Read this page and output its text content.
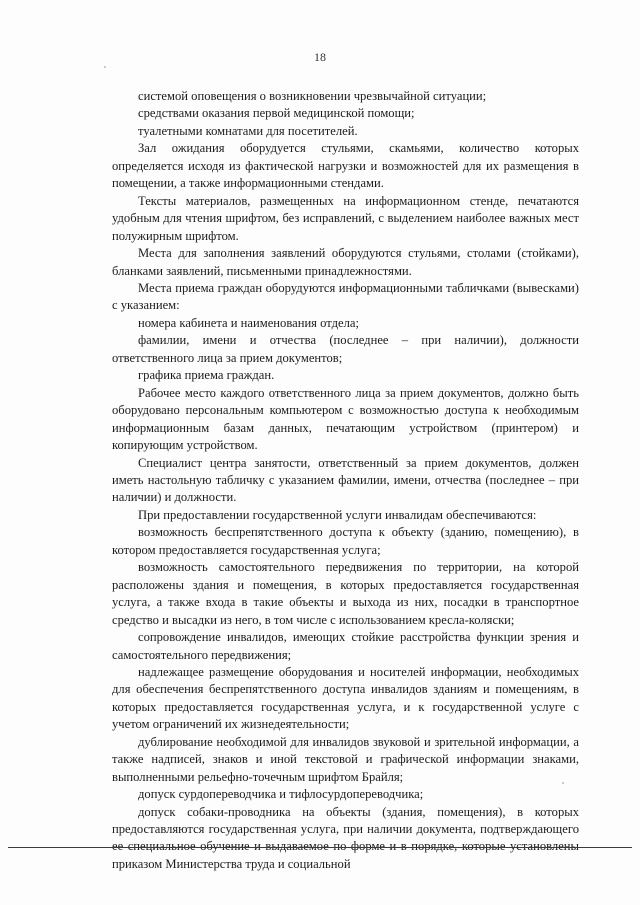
18

системой оповещения о возникновении чрезвычайной ситуации;

средствами оказания первой медицинской помощи;

туалетными комнатами для посетителей.

Зал ожидания оборудуется стульями, скамьями, количество которых определяется исходя из фактической нагрузки и возможностей для их размещения в помещении, а также информационными стендами.

Тексты материалов, размещенных на информационном стенде, печатаются удобным для чтения шрифтом, без исправлений, с выделением наиболее важных мест полужирным шрифтом.

Места для заполнения заявлений оборудуются стульями, столами (стойками), бланками заявлений, письменными принадлежностями.

Места приема граждан оборудуются информационными табличками (вывесками) с указанием:

номера кабинета и наименования отдела;

фамилии, имени и отчества (последнее – при наличии), должности ответственного лица за прием документов;

графика приема граждан.

Рабочее место каждого ответственного лица за прием документов, должно быть оборудовано персональным компьютером с возможностью доступа к необходимым информационным базам данных, печатающим устройством (принтером) и копирующим устройством.

Специалист центра занятости, ответственный за прием документов, должен иметь настольную табличку с указанием фамилии, имени, отчества (последнее – при наличии) и должности.

При предоставлении государственной услуги инвалидам обеспечиваются:

возможность беспрепятственного доступа к объекту (зданию, помещению), в котором предоставляется государственная услуга;

возможность самостоятельного передвижения по территории, на которой расположены здания и помещения, в которых предоставляется государственная услуга, а также входа в такие объекты и выхода из них, посадки в транспортное средство и высадки из него, в том числе с использованием кресла-коляски;

сопровождение инвалидов, имеющих стойкие расстройства функции зрения и самостоятельного передвижения;

надлежащее размещение оборудования и носителей информации, необходимых для обеспечения беспрепятственного доступа инвалидов зданиям и помещениям, в которых предоставляется государственная услуга, и к государственной услуге с учетом ограничений их жизнедеятельности;

дублирование необходимой для инвалидов звуковой и зрительной информации, а также надписей, знаков и иной текстовой и графической информации знаками, выполненными рельефно-точечным шрифтом Брайля;

допуск сурдопереводчика и тифлосурдопереводчика;

допуск собаки-проводника на объекты (здания, помещения), в которых предоставляются государственная услуга, при наличии документа, подтверждающего ее специальное обучение и выдаваемое по форме и в порядке, которые установлены приказом Министерства труда и социальной
